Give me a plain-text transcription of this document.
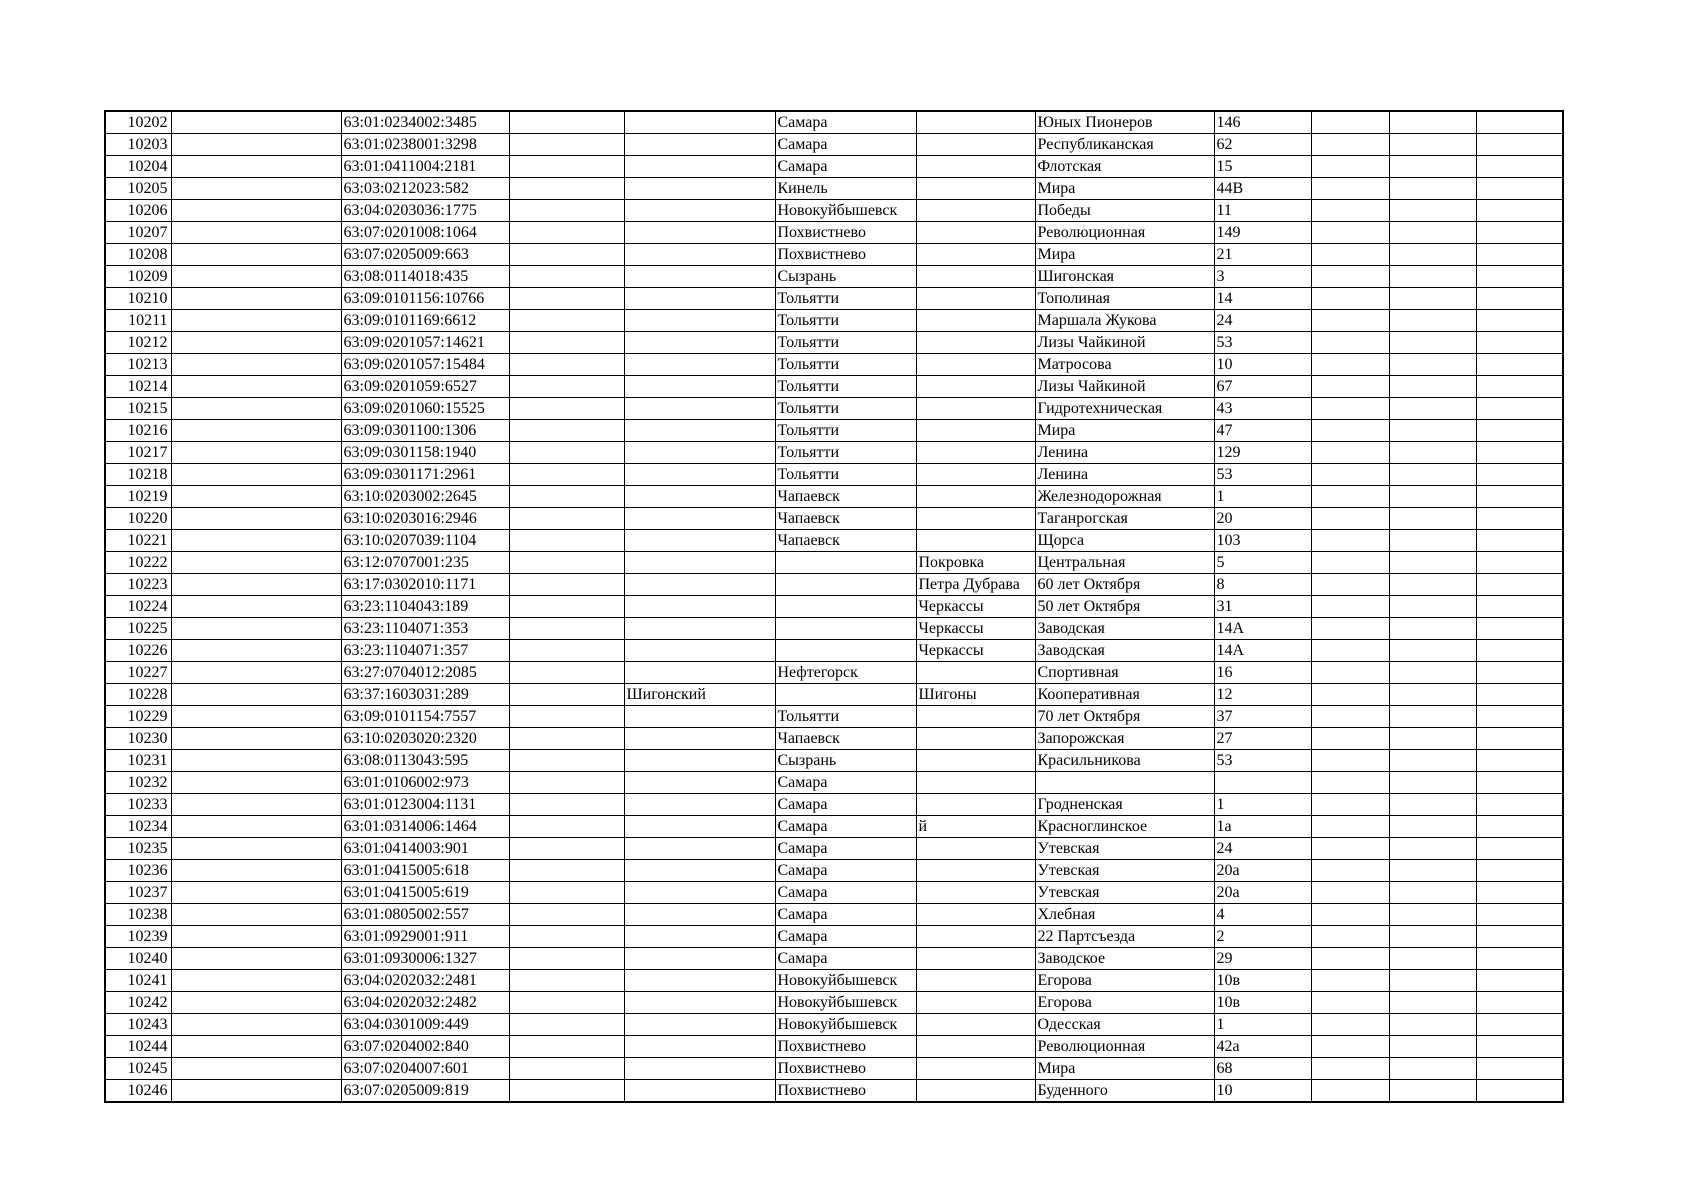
10202		63:01:0234002:3485			Самара		Юных Пионеров	146			
10203		63:01:0238001:3298			Самара		Республиканская	62			
10204		63:01:0411004:2181			Самара		Флотская	15			
10205		63:03:0212023:582			Кинель		Мира	44В			
10206		63:04:0203036:1775			Новокуйбышевск		Победы	11			
10207		63:07:0201008:1064			Похвистнево		Революционная	149			
10208		63:07:0205009:663			Похвистнево		Мира	21			
10209		63:08:0114018:435			Сызрань		Шигонская	3			
10210		63:09:0101156:10766			Тольятти		Тополиная	14			
10211		63:09:0101169:6612			Тольятти		Маршала Жукова	24			
10212		63:09:0201057:14621			Тольятти		Лизы Чайкиной	53			
10213		63:09:0201057:15484			Тольятти		Матросова	10			
10214		63:09:0201059:6527			Тольятти		Лизы Чайкиной	67			
10215		63:09:0201060:15525			Тольятти		Гидротехническая	43			
10216		63:09:0301100:1306			Тольятти		Мира	47			
10217		63:09:0301158:1940			Тольятти		Ленина	129			
10218		63:09:0301171:2961			Тольятти		Ленина	53			
10219		63:10:0203002:2645			Чапаевск		Железнодорожная	1			
10220		63:10:0203016:2946			Чапаевск		Таганрогская	20			
10221		63:10:0207039:1104			Чапаевск		Щорса	103			
10222		63:12:0707001:235				Покровка	Центральная	5			
10223		63:17:0302010:1171				Петра Дубрава	60 лет Октября	8			
10224		63:23:1104043:189				Черкассы	50 лет Октября	31			
10225		63:23:1104071:353				Черкассы	Заводская	14А			
10226		63:23:1104071:357				Черкассы	Заводская	14А			
10227		63:27:0704012:2085			Нефтегорск		Спортивная	16			
10228		63:37:1603031:289		Шигонский		Шигоны	Кооперативная	12			
10229		63:09:0101154:7557			Тольятти		70 лет Октября	37			
10230		63:10:0203020:2320			Чапаевск		Запорожская	27			
10231		63:08:0113043:595			Сызрань		Красильникова	53			
10232		63:01:0106002:973			Самара						
10233		63:01:0123004:1131			Самара		Гродненская	1			
10234		63:01:0314006:1464			Самара	й	Красноглинское	1а			
10235		63:01:0414003:901			Самара		Утевская	24			
10236		63:01:0415005:618			Самара		Утевская	20а			
10237		63:01:0415005:619			Самара		Утевская	20а			
10238		63:01:0805002:557			Самара		Хлебная	4			
10239		63:01:0929001:911			Самара		22 Партсъезда	2			
10240		63:01:0930006:1327			Самара		Заводское	29			
10241		63:04:0202032:2481			Новокуйбышевск		Егорова	10в			
10242		63:04:0202032:2482			Новокуйбышевск		Егорова	10в			
10243		63:04:0301009:449			Новокуйбышевск		Одесская	1			
10244		63:07:0204002:840			Похвистнево		Революционная	42а			
10245		63:07:0204007:601			Похвистнево		Мира	68			
10246		63:07:0205009:819			Похвистнево		Буденного	10			
